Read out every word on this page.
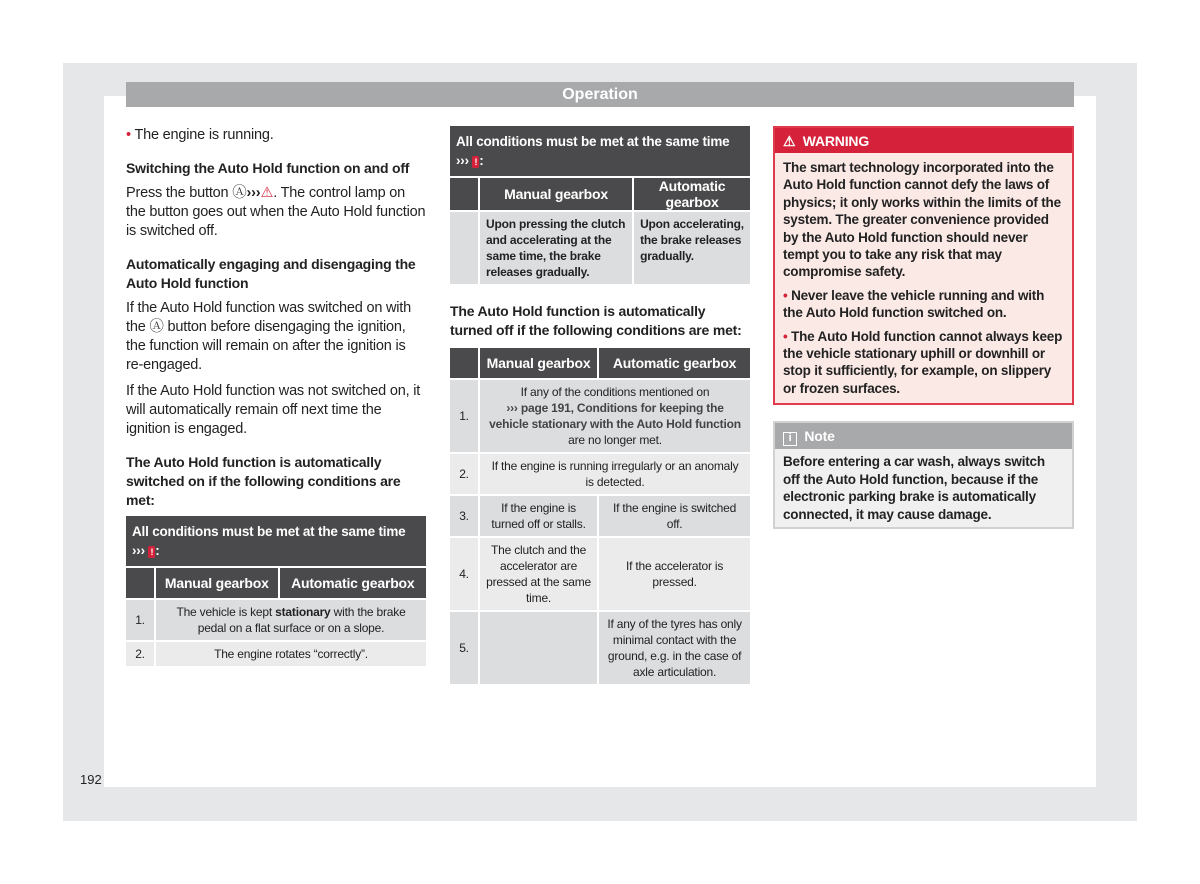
Operation

• The engine is running.

Switching the Auto Hold function on and off

Press the button Ⓐ›››⚠. The control lamp on the button goes out when the Auto Hold function is switched off.

Automatically engaging and disengaging the Auto Hold function

If the Auto Hold function was switched on with the Ⓐ button before disengaging the ignition, the function will remain on after the ignition is re-engaged.

If the Auto Hold function was not switched on, it will automatically remain off next time the ignition is engaged.

The Auto Hold function is automatically switched on if the following conditions are met:
All conditions must be met at the same time
››› ! :
	Manual gearbox	Automatic gearbox
1.	The vehicle is kept stationary with the brake pedal on a flat surface or on a slope.	
2.	The engine rotates “correctly”.	
All conditions must be met at the same time
››› ! :
	Manual gearbox	Automatic gearbox
	Upon pressing the clutch and accelerating at the same time, the brake releases gradually.	Upon accelerating, the brake releases gradually.
The Auto Hold function is automatically turned off if the following conditions are met:
	Manual gearbox	Automatic gearbox
1.	If any of the conditions mentioned on
››› page 191, Conditions for keeping the vehicle stationary with the Auto Hold function are no longer met.	
2.	If the engine is running irregularly or an anomaly is detected.	
3.	If the engine is turned off or stalls.	If the engine is switched off.
4.	The clutch and the accelerator are pressed at the same time.	If the accelerator is pressed.
5.		If any of the tyres has only minimal contact with the ground, e.g. in the case of axle articulation.
⚠ WARNING

The smart technology incorporated into the Auto Hold function cannot defy the laws of physics; it only works within the limits of the system. The greater convenience provided by the Auto Hold function should never tempt you to take any risk that may compromise safety.

• Never leave the vehicle running and with the Auto Hold function switched on.

• The Auto Hold function cannot always keep the vehicle stationary uphill or downhill or stop it sufficiently, for example, on slippery or frozen surfaces.

i Note
Before entering a car wash, always switch off the Auto Hold function, because if the electronic parking brake is automatically connected, it may cause damage.
192
